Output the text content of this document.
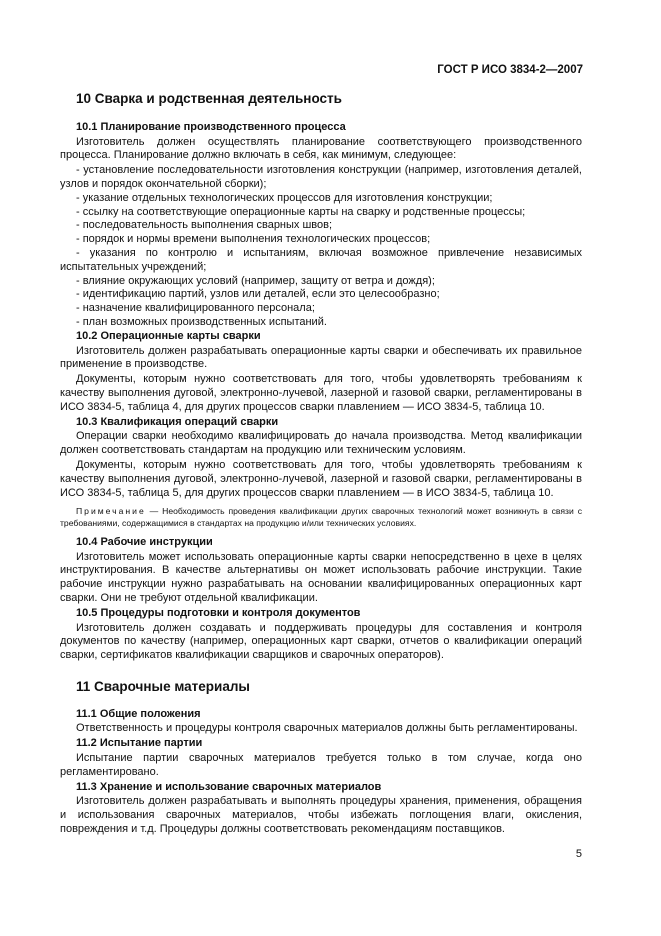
ГОСТ Р ИСО 3834-2—2007
10 Сварка и родственная деятельность
10.1 Планирование производственного процесса
Изготовитель должен осуществлять планирование соответствующего производственного процесса. Планирование должно включать в себя, как минимум, следующее:
- установление последовательности изготовления конструкции (например, изготовления деталей, узлов и порядок окончательной сборки);
- указание отдельных технологических процессов для изготовления конструкции;
- ссылку на соответствующие операционные карты на сварку и родственные процессы;
- последовательность выполнения сварных швов;
- порядок и нормы времени выполнения технологических процессов;
- указания по контролю и испытаниям, включая возможное привлечение независимых испытательных учреждений;
- влияние окружающих условий (например, защиту от ветра и дождя);
- идентификацию партий, узлов или деталей, если это целесообразно;
- назначение квалифицированного персонала;
- план возможных производственных испытаний.
10.2 Операционные карты сварки
Изготовитель должен разрабатывать операционные карты сварки и обеспечивать их правильное применение в производстве.
Документы, которым нужно соответствовать для того, чтобы удовлетворять требованиям к качеству выполнения дуговой, электронно-лучевой, лазерной и газовой сварки, регламентированы в ИСО 3834-5, таблица 4, для других процессов сварки плавлением — ИСО 3834-5, таблица 10.
10.3 Квалификация операций сварки
Операции сварки необходимо квалифицировать до начала производства. Метод квалификации должен соответствовать стандартам на продукцию или техническим условиям.
Документы, которым нужно соответствовать для того, чтобы удовлетворять требованиям к качеству выполнения дуговой, электронно-лучевой, лазерной и газовой сварки, регламентированы в ИСО 3834-5, таблица 5, для других процессов сварки плавлением — в ИСО 3834-5, таблица 10.
Примечание — Необходимость проведения квалификации других сварочных технологий может возникнуть в связи с требованиями, содержащимися в стандартах на продукцию и/или технических условиях.
10.4 Рабочие инструкции
Изготовитель может использовать операционные карты сварки непосредственно в цехе в целях инструктирования. В качестве альтернативы он может использовать рабочие инструкции. Такие рабочие инструкции нужно разрабатывать на основании квалифицированных операционных карт сварки. Они не требуют отдельной квалификации.
10.5 Процедуры подготовки и контроля документов
Изготовитель должен создавать и поддерживать процедуры для составления и контроля документов по качеству (например, операционных карт сварки, отчетов о квалификации операций сварки, сертификатов квалификации сварщиков и сварочных операторов).
11 Сварочные материалы
11.1 Общие положения
Ответственность и процедуры контроля сварочных материалов должны быть регламентированы.
11.2 Испытание партии
Испытание партии сварочных материалов требуется только в том случае, когда оно регламентировано.
11.3 Хранение и использование сварочных материалов
Изготовитель должен разрабатывать и выполнять процедуры хранения, применения, обращения и использования сварочных материалов, чтобы избежать поглощения влаги, окисления, повреждения и т.д. Процедуры должны соответствовать рекомендациям поставщиков.
5
